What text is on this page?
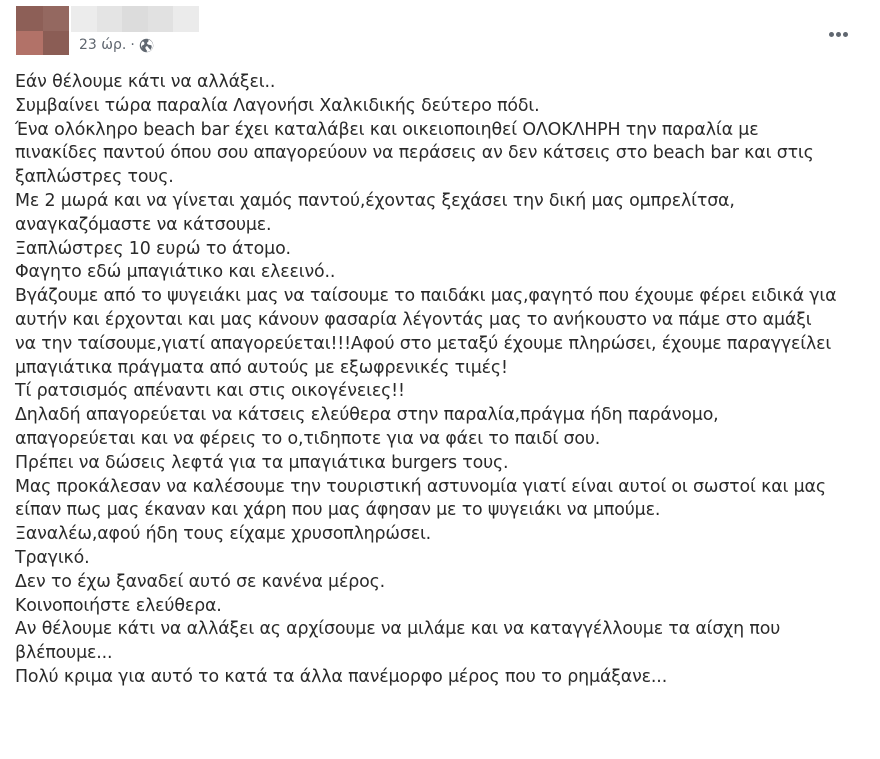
23 ώρ. ·
Εάν θέλουμε κάτι να αλλάξει..
Συμβαίνει τώρα παραλία Λαγονήσι Χαλκιδικής δεύτερο πόδι.
Ένα ολόκληρο beach bar έχει καταλάβει και οικειοποιηθεί ΟΛΟΚΛΗΡΗ την παραλία με
πινακίδες παντού όπου σου απαγορεύουν να περάσεις αν δεν κάτσεις στο beach bar και στις
ξαπλώστρες τους.
Με 2 μωρά και να γίνεται χαμός παντού,έχοντας ξεχάσει την δική μας ομπρελίτσα,
αναγκαζόμαστε να κάτσουμε.
Ξαπλώστρες 10 ευρώ το άτομο.
Φαγητο εδώ μπαγιάτικο και ελεεινό..
Βγάζουμε από το ψυγειάκι μας να ταίσουμε το παιδάκι μας,φαγητό που έχουμε φέρει ειδικά για
αυτήν και έρχονται και μας κάνουν φασαρία λέγοντάς μας το ανήκουστο να πάμε στο αμάξι
να την ταίσουμε,γιατί απαγορεύεται!!!Αφού στο μεταξύ έχουμε πληρώσει, έχουμε παραγγείλει
μπαγιάτικα πράγματα από αυτούς με εξωφρενικές τιμές!
Τί ρατσισμός απέναντι και στις οικογένειες!!
Δηλαδή απαγορεύεται να κάτσεις ελεύθερα στην παραλία,πράγμα ήδη παράνομο,
απαγορεύεται και να φέρεις το ο,τιδηποτε για να φάει το παιδί σου.
Πρέπει να δώσεις λεφτά για τα μπαγιάτικα burgers τους.
Μας προκάλεσαν να καλέσουμε την τουριστική αστυνομία γιατί είναι αυτοί οι σωστοί και μας
είπαν πως μας έκαναν και χάρη που μας άφησαν με το ψυγειάκι να μπούμε.
Ξαναλέω,αφού ήδη τους είχαμε χρυσοπληρώσει.
Τραγικό.
Δεν το έχω ξαναδεί αυτό σε κανένα μέρος.
Κοινοποιήστε ελεύθερα.
Αν θέλουμε κάτι να αλλάξει ας αρχίσουμε να μιλάμε και να καταγγέλλουμε τα αίσχη που
βλέπουμε...
Πολύ κριμα για αυτό το κατά τα άλλα πανέμορφο μέρος που το ρημάξανε...
